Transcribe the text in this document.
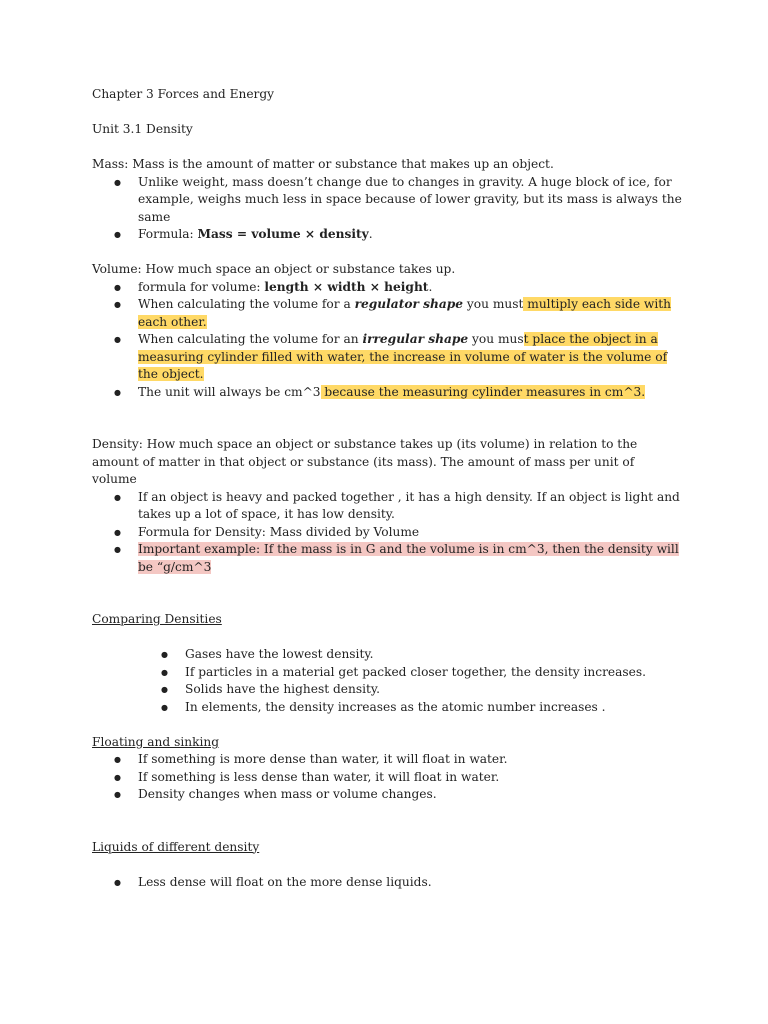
Chapter 3 Forces and Energy

Unit 3.1 Density

Mass: Mass is the amount of matter or substance that makes up an object.

● Unlike weight, mass doesn’t change due to changes in gravity. A huge block of ice, for example, weighs much less in space because of lower gravity, but its mass is always the same
● Formula: Mass = volume × density.

Volume: How much space an object or substance takes up.

● formula for volume: length × width × height.
● When calculating the volume for a regulator shape you must multiply each side with each other.
● When calculating the volume for an irregular shape you must place the object in a measuring cylinder filled with water, the increase in volume of water is the volume of the object.
● The unit will always be cm^3 because the measuring cylinder measures in cm^3.

Density: How much space an object or substance takes up (its volume) in relation to the amount of matter in that object or substance (its mass). The amount of mass per unit of volume

● If an object is heavy and packed together , it has a high density. If an object is light and takes up a lot of space, it has low density.
● Formula for Density: Mass divided by Volume
● Important example: If the mass is in G and the volume is in cm^3, then the density will be “g/cm^3

Comparing Densities

● Gases have the lowest density.
● If particles in a material get packed closer together, the density increases.
● Solids have the highest density.
● In elements, the density increases as the atomic number increases .

Floating and sinking

● If something is more dense than water, it will float in water.
● If something is less dense than water, it will float in water.
● Density changes when mass or volume changes.

Liquids of different density

● Less dense will float on the more dense liquids.
